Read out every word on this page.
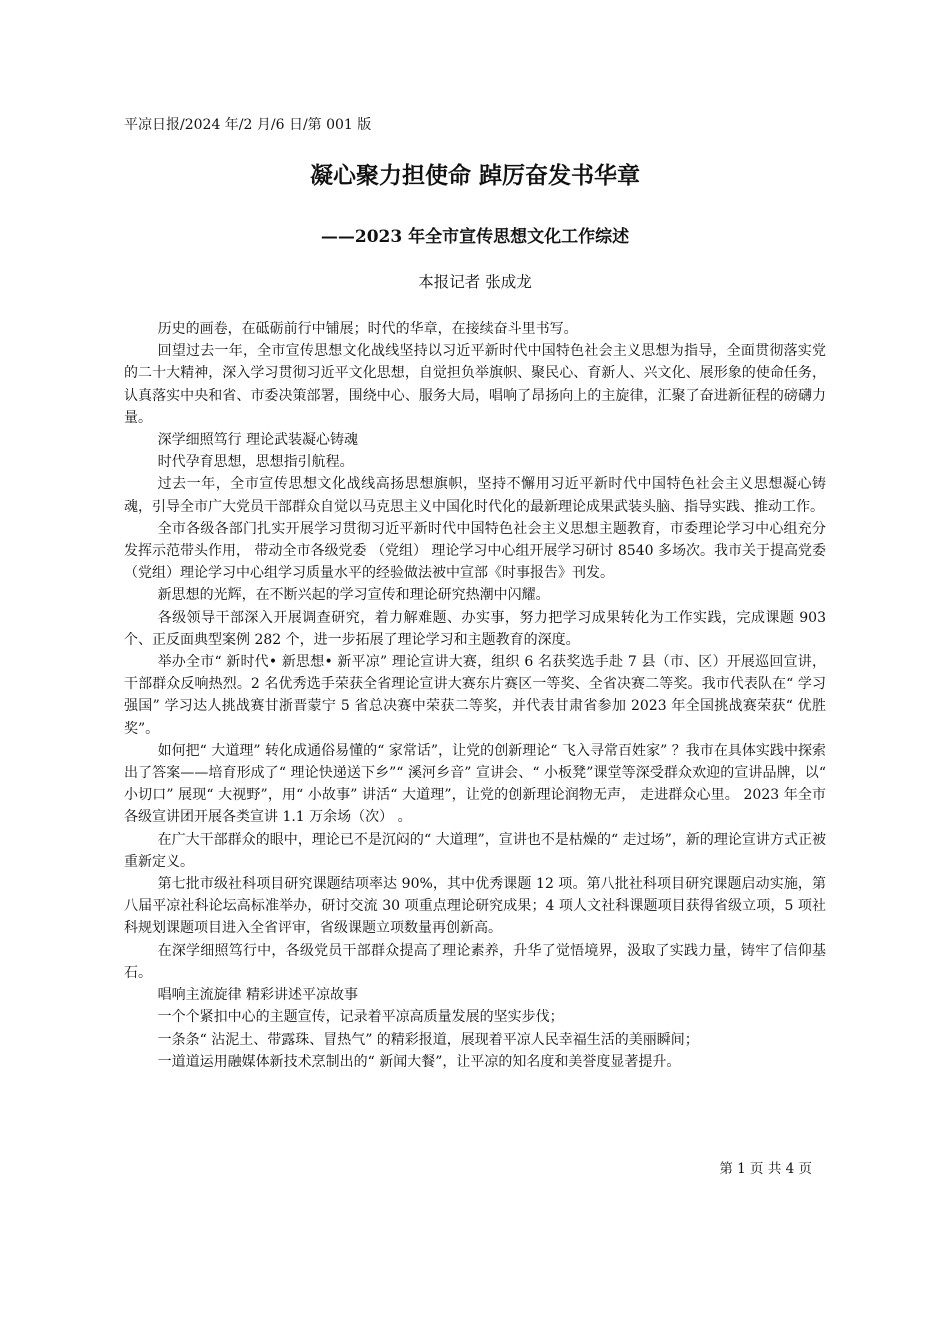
平凉日报/2024 年/2 月/6 日/第 001 版
凝心聚力担使命 踔厉奋发书华章
——2023 年全市宣传思想文化工作综述
本报记者 张成龙

历史的画卷，在砥砺前行中铺展；时代的华章，在接续奋斗里书写。

回望过去一年，全市宣传思想文化战线坚持以习近平新时代中国特色社会主义思想为指导，全面贯彻落实党的二十大精神，深入学习贯彻习近平文化思想，自觉担负举旗帜、聚民心、育新人、兴文化、展形象的使命任务，认真落实中央和省、市委决策部署，围绕中心、服务大局，唱响了昂扬向上的主旋律，汇聚了奋进新征程的磅礴力量。

深学细照笃行 理论武装凝心铸魂

时代孕育思想，思想指引航程。

过去一年，全市宣传思想文化战线高扬思想旗帜，坚持不懈用习近平新时代中国特色社会主义思想凝心铸魂，引导全市广大党员干部群众自觉以马克思主义中国化时代化的最新理论成果武装头脑、指导实践、推动工作。

全市各级各部门扎实开展学习贯彻习近平新时代中国特色社会主义思想主题教育，市委理论学习中心组充分发挥示范带头作用， 带动全市各级党委 （党组） 理论学习中心组开展学习研讨 8540 多场次。我市关于提高党委（党组）理论学习中心组学习质量水平的经验做法被中宣部《时事报告》刊发。

新思想的光辉，在不断兴起的学习宣传和理论研究热潮中闪耀。

各级领导干部深入开展调查研究，着力解难题、办实事，努力把学习成果转化为工作实践，完成课题 903 个、正反面典型案例 282 个，进一步拓展了理论学习和主题教育的深度。

举办全市“ 新时代• 新思想• 新平凉” 理论宣讲大赛，组织 6 名获奖选手赴 7 县（市、区）开展巡回宣讲，干部群众反响热烈。2 名优秀选手荣获全省理论宣讲大赛东片赛区一等奖、全省决赛二等奖。我市代表队在“ 学习强国” 学习达人挑战赛甘浙晋蒙宁 5 省总决赛中荣获二等奖，并代表甘肃省参加 2023 年全国挑战赛荣获“ 优胜奖”。

如何把“ 大道理” 转化成通俗易懂的“ 家常话”，让党的创新理论“ 飞入寻常百姓家” ？我市在具体实践中探索出了答案——培育形成了“ 理论快递送下乡”“ 溪河乡音” 宣讲会、“ 小板凳”课堂等深受群众欢迎的宣讲品牌，以“ 小切口” 展现“ 大视野”，用“ 小故事” 讲活“ 大道理”，让党的创新理论润物无声， 走进群众心里。 2023 年全市各级宣讲团开展各类宣讲 1.1 万余场（次） 。

在广大干部群众的眼中，理论已不是沉闷的“ 大道理”，宣讲也不是枯燥的“ 走过场”，新的理论宣讲方式正被重新定义。

第七批市级社科项目研究课题结项率达 90%，其中优秀课题 12 项。第八批社科项目研究课题启动实施，第八届平凉社科论坛高标准举办，研讨交流 30 项重点理论研究成果；4 项人文社科课题项目获得省级立项，5 项社科规划课题项目进入全省评审，省级课题立项数量再创新高。

在深学细照笃行中，各级党员干部群众提高了理论素养，升华了觉悟境界，汲取了实践力量，铸牢了信仰基石。

唱响主流旋律 精彩讲述平凉故事

一个个紧扣中心的主题宣传，记录着平凉高质量发展的坚实步伐；

一条条“ 沾泥土、带露珠、冒热气” 的精彩报道，展现着平凉人民幸福生活的美丽瞬间；

一道道运用融媒体新技术烹制出的“ 新闻大餐”，让平凉的知名度和美誉度显著提升。

第 1 页 共 4 页
